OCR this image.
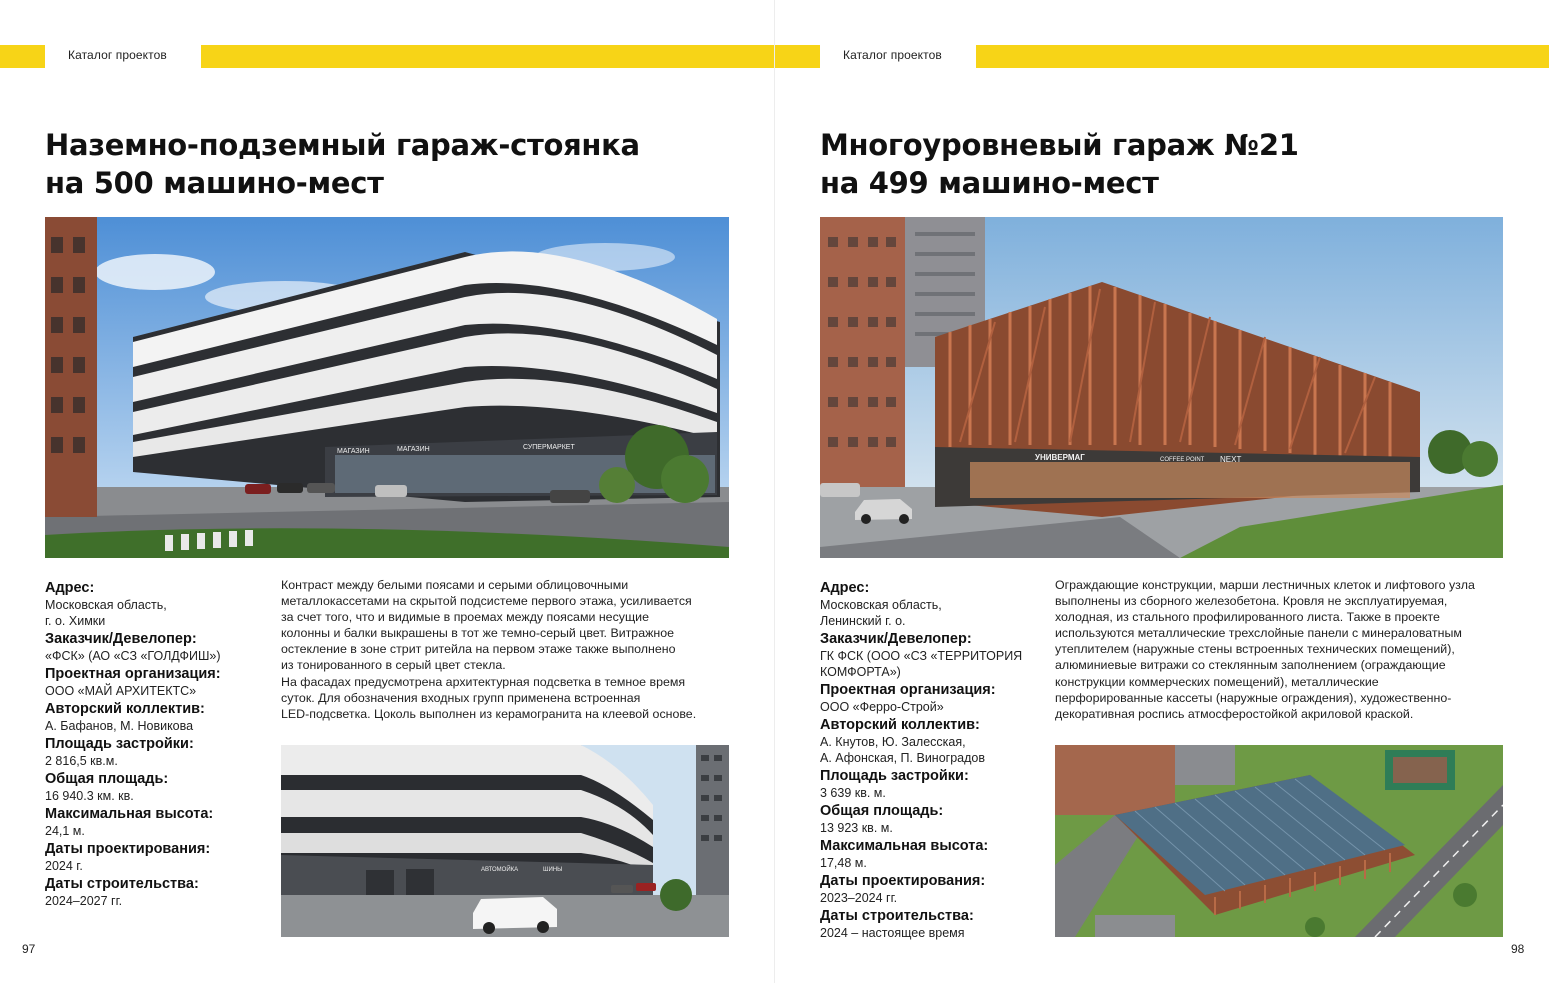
Каталог проектов
Наземно-подземный гараж-стоянка
на 500 машино-мест
МАГАЗИН	МАГАЗИН	СУПЕРМАРКЕТ
Адрес:
Московская область,
г. о. Химки
Заказчик/Девелопер:
«ФСК» (АО «СЗ «ГОЛДФИШ»)
Проектная организация:
ООО «МАЙ АРХИТЕКТС»
Авторский коллектив:
А. Бафанов, М. Новикова
Площадь застройки:
2 816,5 кв.м.
Общая площадь:
16 940.3 км. кв.
Максимальная высота:
24,1 м.
Даты проектирования:
2024 г.
Даты строительства:
2024–2027 гг.
Контраст между белыми поясами и серыми облицовочными
металлокассетами на скрытой подсистеме первого этажа, усиливается
за счет того, что и видимые в проемах между поясами несущие
колонны и балки выкрашены в тот же темно-серый цвет. Витражное
остекление в зоне стрит ритейла на первом этаже также выполнено
из тонированного в серый цвет стекла.
На фасадах предусмотрена архитектурная подсветка в темное время
суток. Для обозначения входных групп применена встроенная
LED-подсветка. Цоколь выполнен из керамогранита на клеевой основе.
АВТОМОЙКА	ШИНЫ
97
Каталог проектов
Многоуровневый гараж №21
на 499 машино-мест
УНИВЕРМАГ	COFFEE POINT NEXT
Адрес:
Московская область,
Ленинский г. о.
Заказчик/Девелопер:
ГК ФСК (ООО «СЗ «ТЕРРИТОРИЯ
КОМФОРТА»)
Проектная организация:
ООО «Ферро-Строй»
Авторский коллектив:
А. Кнутов, Ю. Залесская,
А. Афонская, П. Виноградов
Площадь застройки:
3 639 кв. м.
Общая площадь:
13 923 кв. м.
Максимальная высота:
17,48 м.
Даты проектирования:
2023–2024 гг.
Даты строительства:
2024 – настоящее время
Ограждающие конструкции, марши лестничных клеток и лифтового узла
выполнены из сборного железобетона. Кровля не эксплуатируемая,
холодная, из стального профилированного листа. Также в проекте
используются металлические трехслойные панели с минераловатным
утеплителем (наружные стены встроенных технических помещений),
алюминиевые витражи со стеклянным заполнением (ограждающие
конструкции коммерческих помещений), металлические
перфорированные кассеты (наружные ограждения), художественно-
декоративная роспись атмосферостойкой акриловой краской.
98
